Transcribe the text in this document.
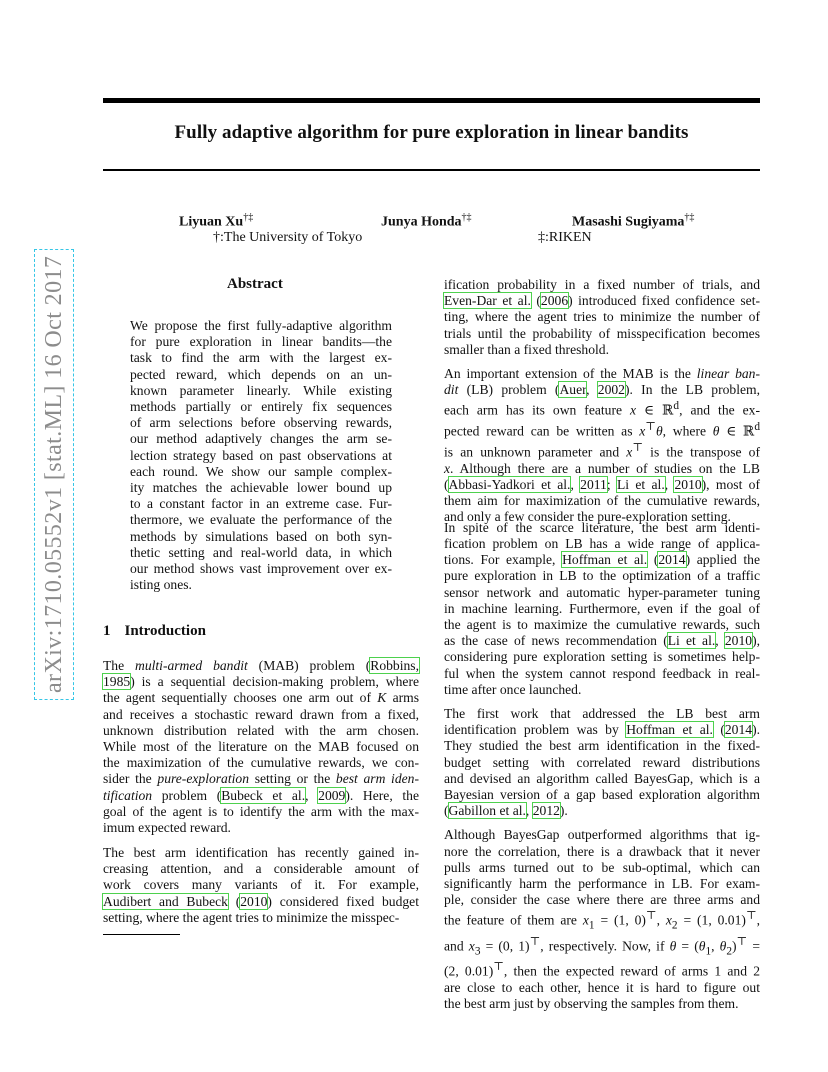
Fully adaptive algorithm for pure exploration in linear bandits
arXiv:1710.05552v1 [stat.ML] 16 Oct 2017
Liyuan Xu†‡	Junya Honda†‡	Masashi Sugiyama†‡
†:The University of Tokyo	‡:RIKEN
Abstract
We propose the first fully-adaptive algorithm
for pure exploration in linear bandits—the
task to find the arm with the largest ex-
pected reward, which depends on an un-
known parameter linearly. While existing
methods partially or entirely fix sequences
of arm selections before observing rewards,
our method adaptively changes the arm se-
lection strategy based on past observations at
each round. We show our sample complex-
ity matches the achievable lower bound up
to a constant factor in an extreme case. Fur-
thermore, we evaluate the performance of the
methods by simulations based on both syn-
thetic setting and real-world data, in which
our method shows vast improvement over ex-
isting ones.
1 Introduction
The multi-armed bandit (MAB) problem (Robbins,
1985) is a sequential decision-making problem, where
the agent sequentially chooses one arm out of K arms
and receives a stochastic reward drawn from a fixed,
unknown distribution related with the arm chosen.
While most of the literature on the MAB focused on
the maximization of the cumulative rewards, we con-
sider the pure-exploration setting or the best arm iden-
tification problem (Bubeck et al., 2009). Here, the
goal of the agent is to identify the arm with the max-
imum expected reward.
The best arm identification has recently gained in-
creasing attention, and a considerable amount of
work covers many variants of it. For example,
Audibert and Bubeck (2010) considered fixed budget
setting, where the agent tries to minimize the misspec-
ification probability in a fixed number of trials, and
Even-Dar et al. (2006) introduced fixed confidence set-
ting, where the agent tries to minimize the number of
trials until the probability of misspecification becomes
smaller than a fixed threshold.
An important extension of the MAB is the linear ban-
dit (LB) problem (Auer, 2002). In the LB problem,
each arm has its own feature x ∈ ℝ$^d$, and the ex-
pected reward can be written as x⊤θ, where θ ∈ ℝ$^d$
is an unknown parameter and x⊤ is the transpose of
x. Although there are a number of studies on the LB
(Abbasi-Yadkori et al., 2011; Li et al., 2010), most of
them aim for maximization of the cumulative rewards,
and only a few consider the pure-exploration setting.
In spite of the scarce literature, the best arm identi-
fication problem on LB has a wide range of applica-
tions. For example, Hoffman et al. (2014) applied the
pure exploration in LB to the optimization of a traffic
sensor network and automatic hyper-parameter tuning
in machine learning. Furthermore, even if the goal of
the agent is to maximize the cumulative rewards, such
as the case of news recommendation (Li et al., 2010),
considering pure exploration setting is sometimes help-
ful when the system cannot respond feedback in real-
time after once launched.
The first work that addressed the LB best arm
identification problem was by Hoffman et al. (2014).
They studied the best arm identification in the fixed-
budget setting with correlated reward distributions
and devised an algorithm called BayesGap, which is a
Bayesian version of a gap based exploration algorithm
(Gabillon et al., 2012).
Although BayesGap outperformed algorithms that ig-
nore the correlation, there is a drawback that it never
pulls arms turned out to be sub-optimal, which can
significantly harm the performance in LB. For exam-
ple, consider the case where there are three arms and
the feature of them are $x_1 = (1$, 0)⊤, $x_2 = (1$, 0.01)⊤,
and $x_3 = (0$, 1)⊤, respectively. Now, if $\theta = (\theta_1$, $\theta_2)^⊤$ =
(2, 0.01)⊤, then the expected reward of arms 1 and 2
are close to each other, hence it is hard to figure out
the best arm just by observing the samples from them.
